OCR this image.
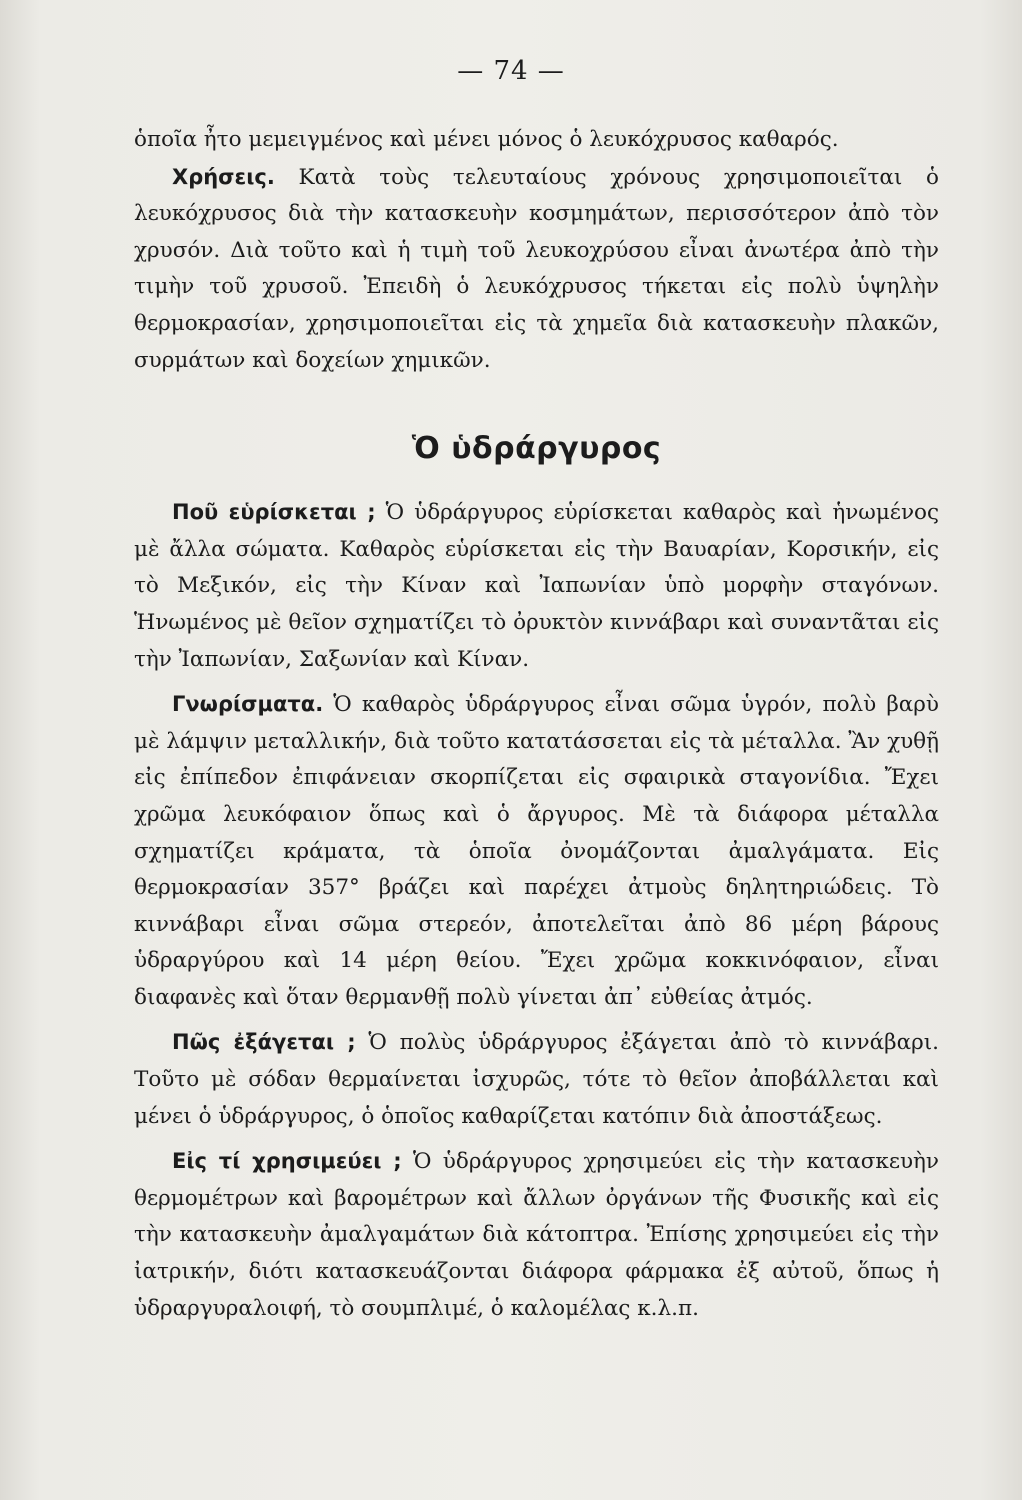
— 74 —

ὁποῖα ἦτο μεμειγμένος καὶ μένει μόνος ὁ λευκόχρυσος καθαρός.

Χρήσεις. Κατὰ τοὺς τελευταίους χρόνους χρησιμοποιεῖται ὁ λευκόχρυσος διὰ τὴν κατασκευὴν κοσμημάτων, περισσότερον ἀπὸ τὸν χρυσόν. Διὰ τοῦτο καὶ ἡ τιμὴ τοῦ λευκοχρύσου εἶναι ἀνωτέρα ἀπὸ τὴν τιμὴν τοῦ χρυσοῦ. Ἐπειδὴ ὁ λευκόχρυσος τήκεται εἰς πολὺ ὑψηλὴν θερμοκρασίαν, χρησιμοποιεῖται εἰς τὰ χημεῖα διὰ κατασκευὴν πλακῶν, συρμάτων καὶ δοχείων χημικῶν.

Ὁ ὑδράργυρος

Ποῦ εὑρίσκεται ; Ὁ ὑδράργυρος εὑρίσκεται καθαρὸς καὶ ἡνωμένος μὲ ἄλλα σώματα. Καθαρὸς εὑρίσκεται εἰς τὴν Βαυαρίαν, Κορσικήν, εἰς τὸ Μεξικόν, εἰς τὴν Κίναν καὶ Ἰαπωνίαν ὑπὸ μορφὴν σταγόνων. Ἡνωμένος μὲ θεῖον σχηματίζει τὸ ὀρυκτὸν κιννάβαρι καὶ συναντᾶται εἰς τὴν Ἰαπωνίαν, Σαξωνίαν καὶ Κίναν.

Γνωρίσματα. Ὁ καθαρὸς ὑδράργυρος εἶναι σῶμα ὑγρόν, πολὺ βαρὺ μὲ λάμψιν μεταλλικήν, διὰ τοῦτο κατατάσσεται εἰς τὰ μέταλλα. Ἂν χυθῇ εἰς ἐπίπεδον ἐπιφάνειαν σκορπίζεται εἰς σφαιρικὰ σταγονίδια. Ἔχει χρῶμα λευκόφαιον ὅπως καὶ ὁ ἄργυρος. Μὲ τὰ διάφορα μέταλλα σχηματίζει κράματα, τὰ ὁποῖα ὀνομάζονται ἀμαλγάματα. Εἰς θερμοκρασίαν 357° βράζει καὶ παρέχει ἀτμοὺς δηλητηριώδεις. Τὸ κιννάβαρι εἶναι σῶμα στερεόν, ἀποτελεῖται ἀπὸ 86 μέρη βάρους ὑδραργύρου καὶ 14 μέρη θείου. Ἔχει χρῶμα κοκκινόφαιον, εἶναι διαφανὲς καὶ ὅταν θερμανθῇ πολὺ γίνεται ἀπ᾿ εὐθείας ἀτμός.

Πῶς ἐξάγεται ; Ὁ πολὺς ὑδράργυρος ἐξάγεται ἀπὸ τὸ κιννάβαρι. Τοῦτο μὲ σόδαν θερμαίνεται ἰσχυρῶς, τότε τὸ θεῖον ἀποβάλλεται καὶ μένει ὁ ὑδράργυρος, ὁ ὁποῖος καθαρίζεται κατόπιν διὰ ἀποστάξεως.

Εἰς τί χρησιμεύει ; Ὁ ὑδράργυρος χρησιμεύει εἰς τὴν κατασκευὴν θερμομέτρων καὶ βαρομέτρων καὶ ἄλλων ὀργάνων τῆς Φυσικῆς καὶ εἰς τὴν κατασκευὴν ἀμαλγαμάτων διὰ κάτοπτρα. Ἐπίσης χρησιμεύει εἰς τὴν ἰατρικήν, διότι κατασκευάζονται διάφορα φάρμακα ἐξ αὐτοῦ, ὅπως ἡ ὑδραργυραλοιφή, τὸ σουμπλιμέ, ὁ καλομέλας κ.λ.π.
